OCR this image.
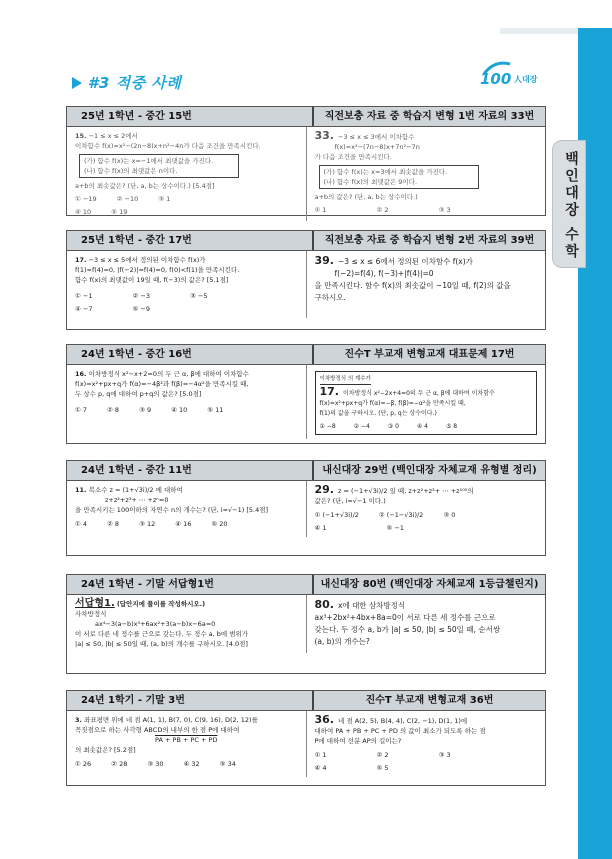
백인대장 수학
#3 적중 사례	100 人대장
25년 1학년 - 중간 15번	직전보충 자료 중 학습지 변형 1번 자료의 33번
15. −1 ≤ x ≤ 2에서
이차함수 f(x)=x²−(2n−8)x+n²−4n가 다음 조건을 만족시킨다.
(가) 함수 f(x)는 x=−1에서 최댓값을 가진다.
(나) 함수 f(x)의 최댓값은 n이다.
a+b의 최솟값은? (단, a, b는 상수이다.) [5.4점]
① −19	② −10	③ 1
④ 10	⑤ 19
33. −3 ≤ x ≤ 3에서 이차함수
f(x)=x²−(7n−8)x+7n²−7n
가 다음 조건을 만족시킨다.
(가) 함수 f(x)는 x=3에서 최솟값을 가진다.
(나) 함수 f(x)의 최댓값은 9이다.
a+b의 값은? (단, a, b는 상수이다.)
① 1	② 2	③ 3
25년 1학년 - 중간 17번	직전보충 자료 중 학습지 변형 2번 자료의 39번
17. −3 ≤ x ≤ 5에서 정의된 이차함수 f(x)가
f(1)=f(4)=0, |f(−2)|=f(4)=0, f(0)<f(1)을 만족시킨다.
함수 f(x)의 최댓값이 19일 때, f(−3)의 값은? [5.1점]
① −1	② −3	③ −5
④ −7	⑤ −9
39. −3 ≤ x ≤ 6에서 정의된 이차함수 f(x)가
f(−2)=f(4), f(−3)+|f(4)|=0
을 만족시킨다. 함수 f(x)의 최솟값이 −10일 때, f(2)의 값을
구하시오.
24년 1학년 - 중간 16번	진수T 부교재 변형교재 대표문제 17번
16. 이차방정식 x²−x+2=0의 두 근 α, β에 대하여 이차함수
f(x)=x²+px+q가 f(α)=−4β²과 f(β)=−4α²을 만족시킬 때,
두 상수 p, q에 대하여 p+q의 값은? [5.0점]
① 7	② 8	③ 9	④ 10	⑤ 11
이차방정식 의 계수가
17. 이차방정식 x²−2x+4=0의 두 근 α, β에 대하여 이차함수 f(x)=x²+px+q가 f(α)=−β, f(β)=−α²을 만족시킬 때,
f(1)의 값을 구하시오. (단, p, q는 상수이다.)
① −8	② −4	③ 0	④ 4	⑤ 8
24년 1학년 - 중간 11번	내신대장 29번 (백인대장 자체교재 유형별 정리)
11. 복소수 z = (1+√3i)/2 에 대하여
z+z²+z³+ ⋯ +zⁿ=0
을 만족시키는 100이하의 자연수 n의 개수는? (단, i=√−1) [5.4점]
① 4	② 8	③ 12	④ 16	⑤ 20
29. z = (−1+√3i)/2 일 때, z+z²+z³+ ⋯ +z¹⁰⁰의
값은? (단, i=√−1 이다.)
① (−1+√3i)/2	② (−1−√3i)/2	③ 0
④ 1	⑤ −1
24년 1학년 - 기말 서답형1번	내신대장 80번 (백인대장 자체교재 1등급챌린지)
서답형1. (답안지에 풀이를 작성하시오.)
사차방정식
ax⁴−3(a−b)x³+6ax²+3(a−b)x−6a=0
이 서로 다른 네 정수를 근으로 갖는다. 두 정수 a, b에 범위가
|a| ≤ 50, |b| ≤ 50일 때, (a, b)의 개수를 구하시오. [4.0점]
80. x에 대한 삼차방정식
ax³+2bx²+4bx+8a=0이 서로 다른 세 정수를 근으로
갖는다. 두 정수 a, b가 |a| ≤ 50, |b| ≤ 50일 때, 순서쌍
(a, b)의 개수는?
24년 1학기 - 기말 3번	진수T 부교재 변형교재 36번
3. 좌표평면 위에 네 점 A(1, 1), B(7, 0), C(9, 16), D(2, 12)를
꼭짓점으로 하는 사각형 ABCD의 내부의 한 점 P에 대하여
PA + PB + PC + PD
의 최솟값은? [5.2점]
① 26	② 28	③ 30	④ 32	⑤ 34
36. 네 점 A(2, 5), B(4, 4), C(2, −1), D(1, 1)에
대하여 PA + PB + PC + PD 의 값이 최소가 되도록 하는 점
P에 대하여 선분 AP의 길이는?
① 1	② 2	③ 3
④ 4	⑤ 5
